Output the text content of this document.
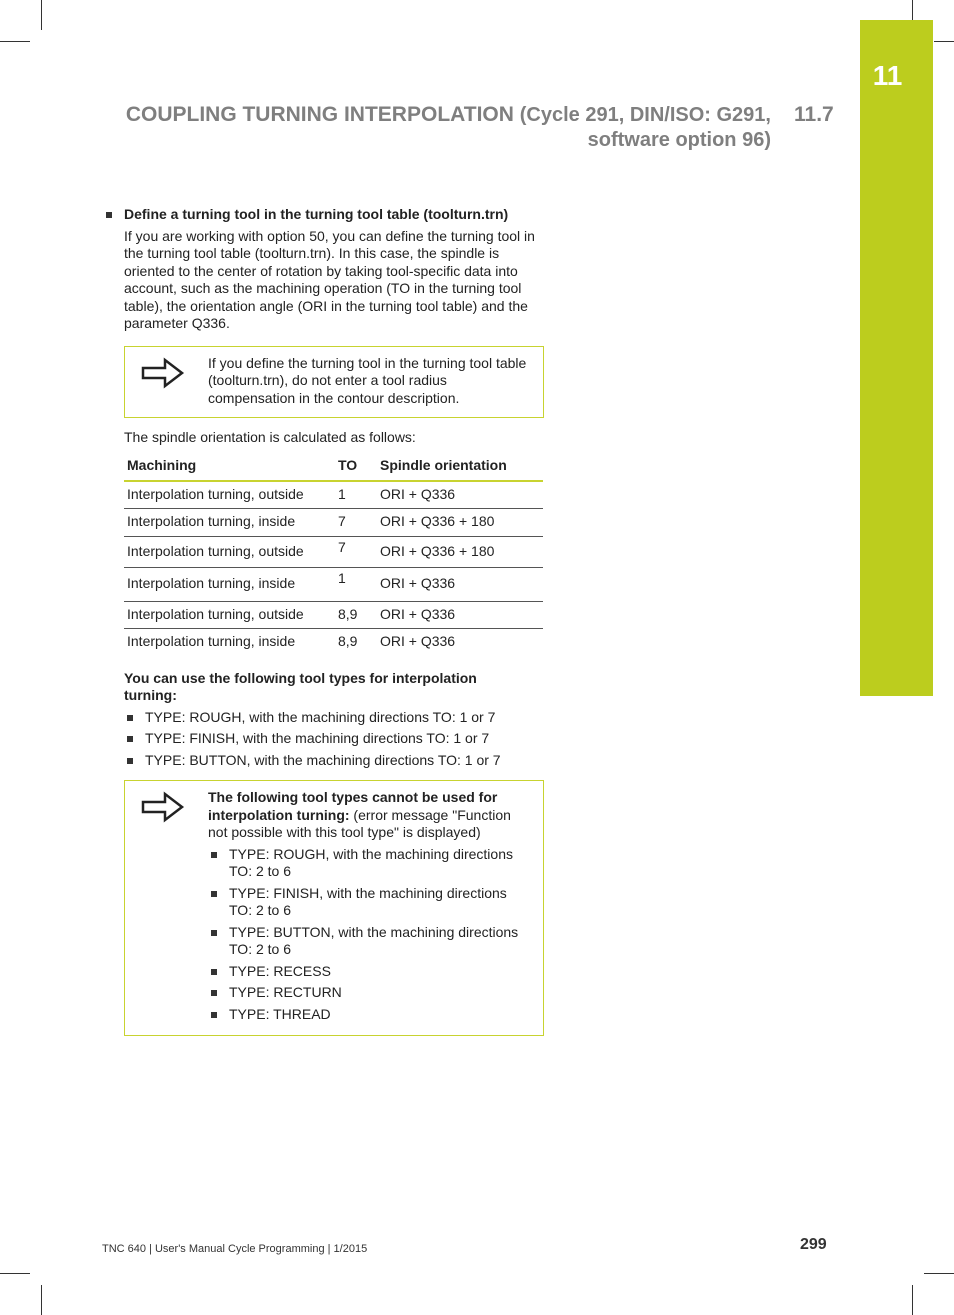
11
COUPLING TURNING INTERPOLATION (Cycle 291, DIN/ISO: G291,
software option 96)
11.7
Define a turning tool in the turning tool table (toolturn.trn)

If you are working with option 50, you can define the turning tool in the turning tool table (toolturn.trn). In this case, the spindle is oriented to the center of rotation by taking tool-specific data into account, such as the machining operation (TO in the turning tool table), the orientation angle (ORI in the turning tool table) and the parameter Q336.

If you define the turning tool in the turning tool table (toolturn.trn), do not enter a tool radius compensation in the contour description.

The spindle orientation is calculated as follows:

Machining	TO	Spindle orientation
Interpolation turning, outside	1	ORI + Q336
Interpolation turning, inside	7	ORI + Q336 + 180
Interpolation turning, outside	7	ORI + Q336 + 180
Interpolation turning, inside	1	ORI + Q336
Interpolation turning, outside	8,9	ORI + Q336
Interpolation turning, inside	8,9	ORI + Q336

You can use the following tool types for interpolation turning:

TYPE: ROUGH, with the machining directions TO: 1 or 7
TYPE: FINISH, with the machining directions TO: 1 or 7
TYPE: BUTTON, with the machining directions TO: 1 or 7

The following tool types cannot be used for interpolation turning: (error message "Function not possible with this tool type" is displayed)

TYPE: ROUGH, with the machining directions TO: 2 to 6
TYPE: FINISH, with the machining directions TO: 2 to 6
TYPE: BUTTON, with the machining directions TO: 2 to 6
TYPE: RECESS
TYPE: RECTURN
TYPE: THREAD
TNC 640 | User's Manual Cycle Programming | 1/2015	299
